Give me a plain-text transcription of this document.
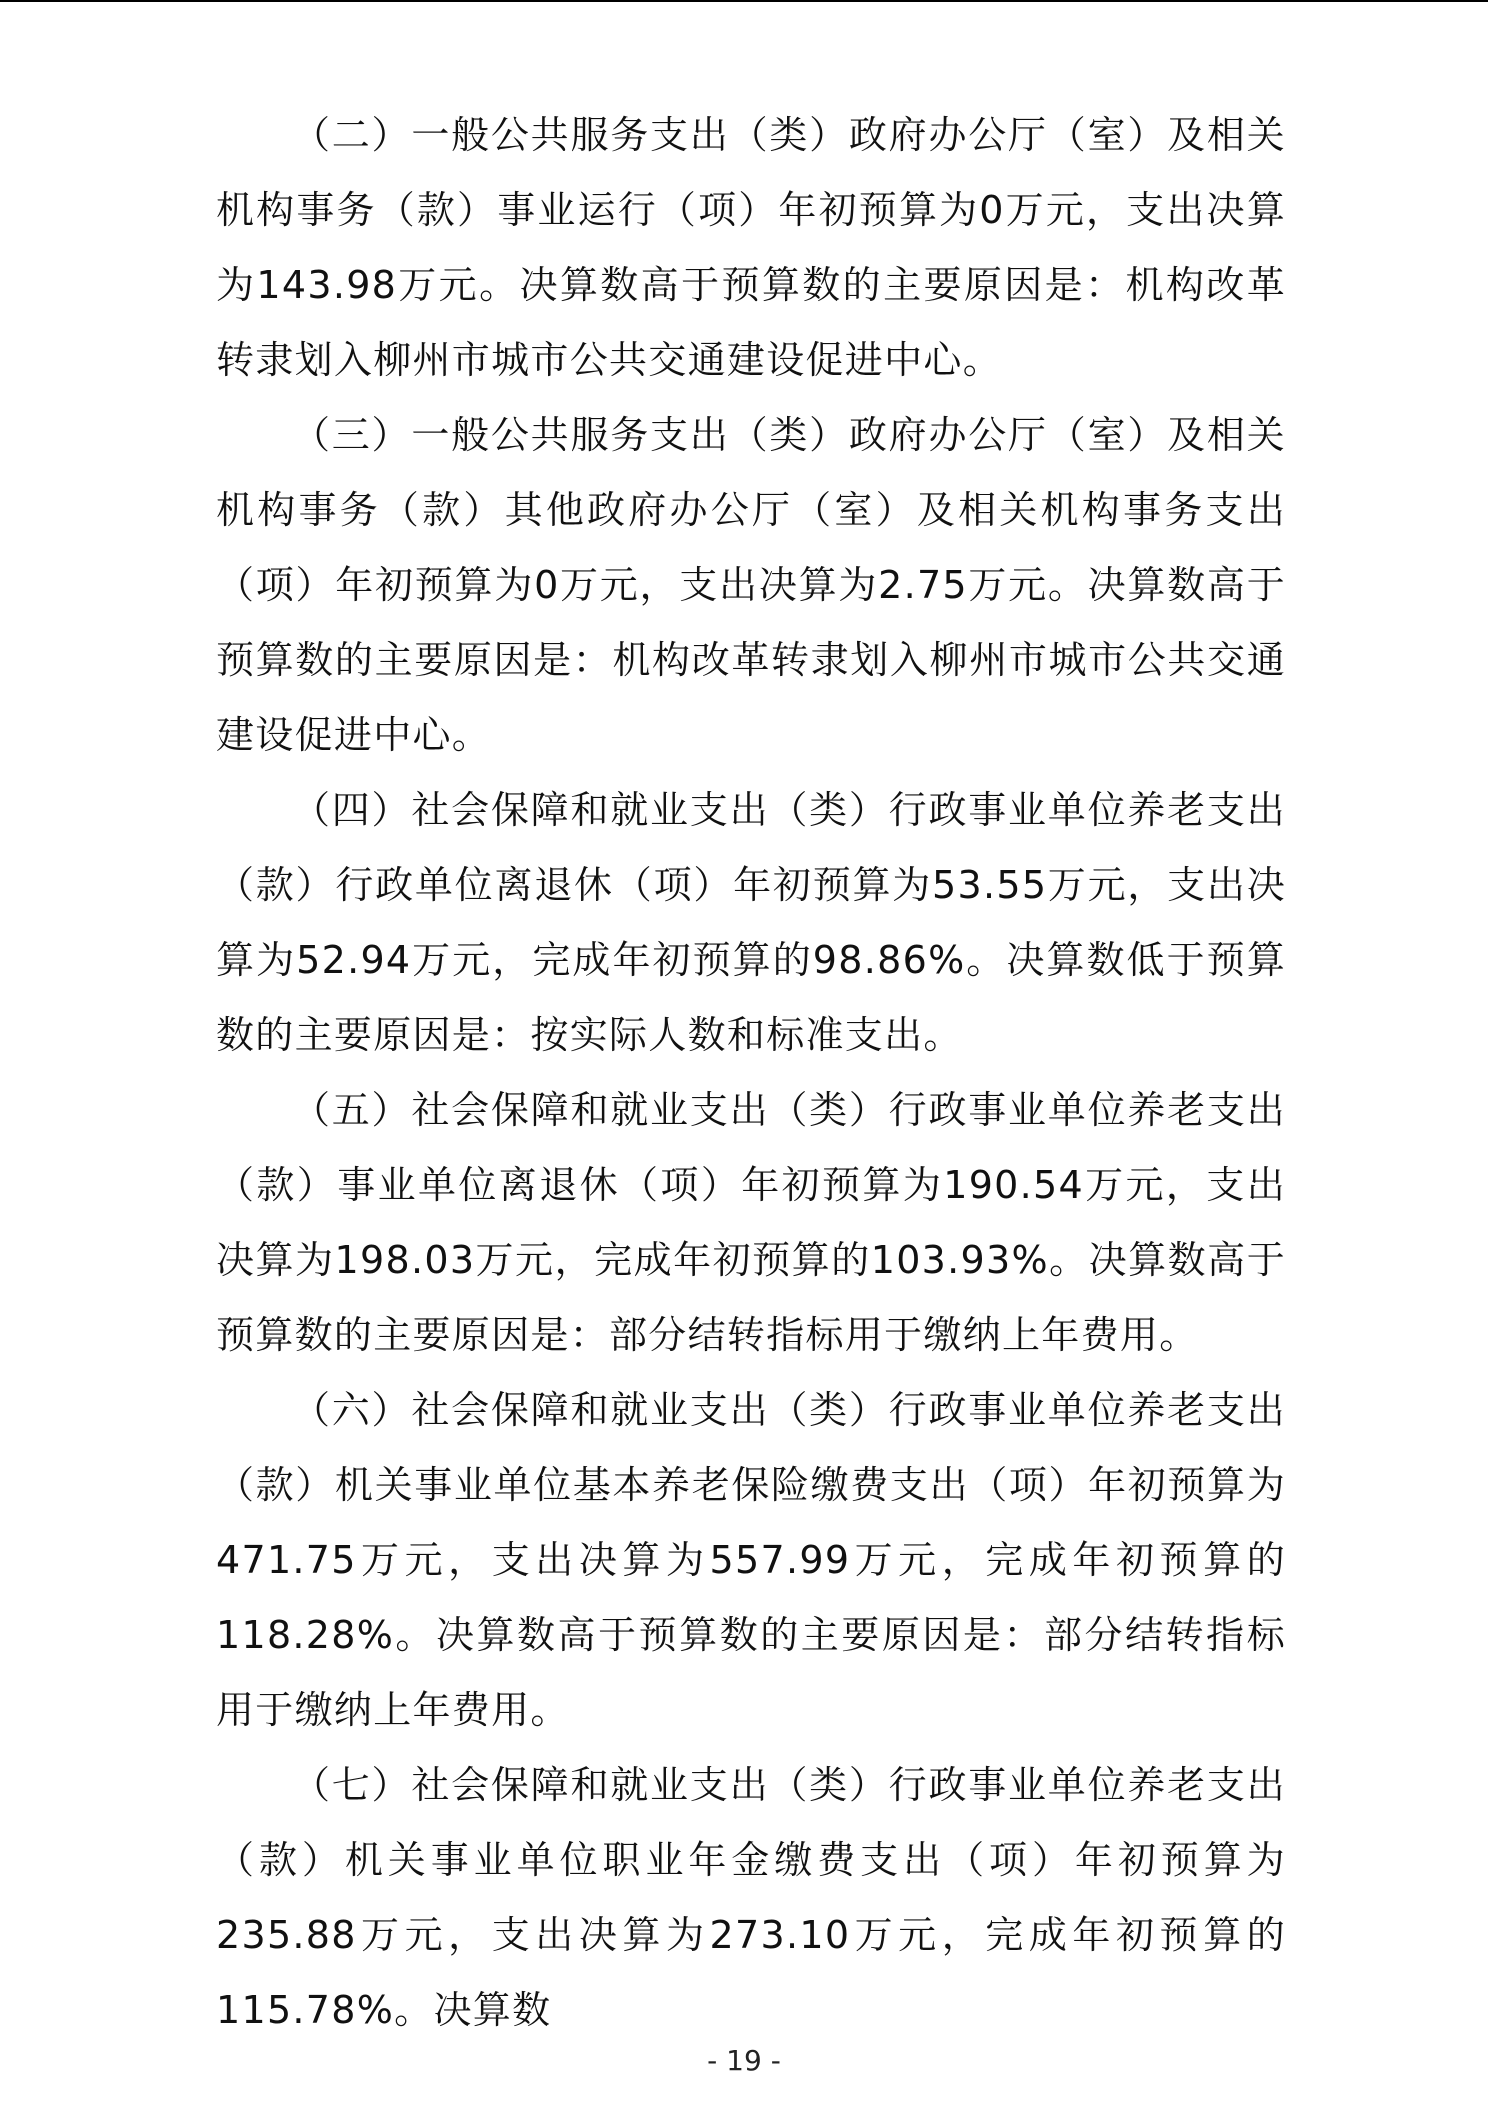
（二）一般公共服务支出（类）政府办公厅（室）及相关机构事务（款）事业运行（项）年初预算为0万元，支出决算为143.98万元。决算数高于预算数的主要原因是：机构改革转隶划入柳州市城市公共交通建设促进中心。

（三）一般公共服务支出（类）政府办公厅（室）及相关机构事务（款）其他政府办公厅（室）及相关机构事务支出（项）年初预算为0万元，支出决算为2.75万元。决算数高于预算数的主要原因是：机构改革转隶划入柳州市城市公共交通建设促进中心。

（四）社会保障和就业支出（类）行政事业单位养老支出（款）行政单位离退休（项）年初预算为53.55万元，支出决算为52.94万元，完成年初预算的98.86%。决算数低于预算数的主要原因是：按实际人数和标准支出。

（五）社会保障和就业支出（类）行政事业单位养老支出（款）事业单位离退休（项）年初预算为190.54万元，支出决算为198.03万元，完成年初预算的103.93%。决算数高于预算数的主要原因是：部分结转指标用于缴纳上年费用。

（六）社会保障和就业支出（类）行政事业单位养老支出（款）机关事业单位基本养老保险缴费支出（项）年初预算为471.75万元，支出决算为557.99万元，完成年初预算的118.28%。决算数高于预算数的主要原因是：部分结转指标用于缴纳上年费用。

（七）社会保障和就业支出（类）行政事业单位养老支出（款）机关事业单位职业年金缴费支出（项）年初预算为235.88万元，支出决算为273.10万元，完成年初预算的115.78%。决算数

- 19 -
